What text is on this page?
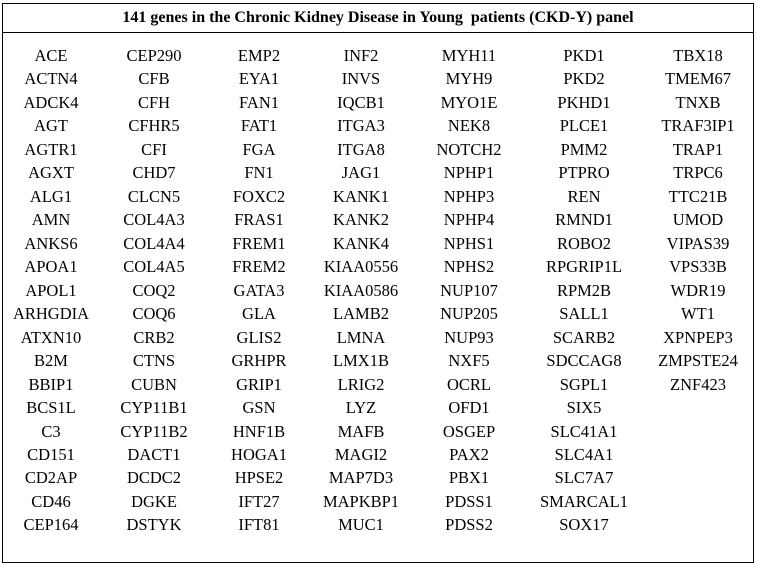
141 genes in the Chronic Kidney Disease in Young  patients (CKD-Y) panel
ACE
ACTN4
ADCK4
AGT
AGTR1
AGXT
ALG1
AMN
ANKS6
APOA1
APOL1
ARHGDIA
ATXN10
B2M
BBIP1
BCS1L
C3
CD151
CD2AP
CD46
CEP164
CEP290
CFB
CFH
CFHR5
CFI
CHD7
CLCN5
COL4A3
COL4A4
COL4A5
COQ2
COQ6
CRB2
CTNS
CUBN
CYP11B1
CYP11B2
DACT1
DCDC2
DGKE
DSTYK
EMP2
EYA1
FAN1
FAT1
FGA
FN1
FOXC2
FRAS1
FREM1
FREM2
GATA3
GLA
GLIS2
GRHPR
GRIP1
GSN
HNF1B
HOGA1
HPSE2
IFT27
IFT81
INF2
INVS
IQCB1
ITGA3
ITGA8
JAG1
KANK1
KANK2
KANK4
KIAA0556
KIAA0586
LAMB2
LMNA
LMX1B
LRIG2
LYZ
MAFB
MAGI2
MAP7D3
MAPKBP1
MUC1
MYH11
MYH9
MYO1E
NEK8
NOTCH2
NPHP1
NPHP3
NPHP4
NPHS1
NPHS2
NUP107
NUP205
NUP93
NXF5
OCRL
OFD1
OSGEP
PAX2
PBX1
PDSS1
PDSS2
PKD1
PKD2
PKHD1
PLCE1
PMM2
PTPRO
REN
RMND1
ROBO2
RPGRIP1L
RPM2B
SALL1
SCARB2
SDCCAG8
SGPL1
SIX5
SLC41A1
SLC4A1
SLC7A7
SMARCAL1
SOX17
TBX18
TMEM67
TNXB
TRAF3IP1
TRAP1
TRPC6
TTC21B
UMOD
VIPAS39
VPS33B
WDR19
WT1
XPNPEP3
ZMPSTE24
ZNF423
